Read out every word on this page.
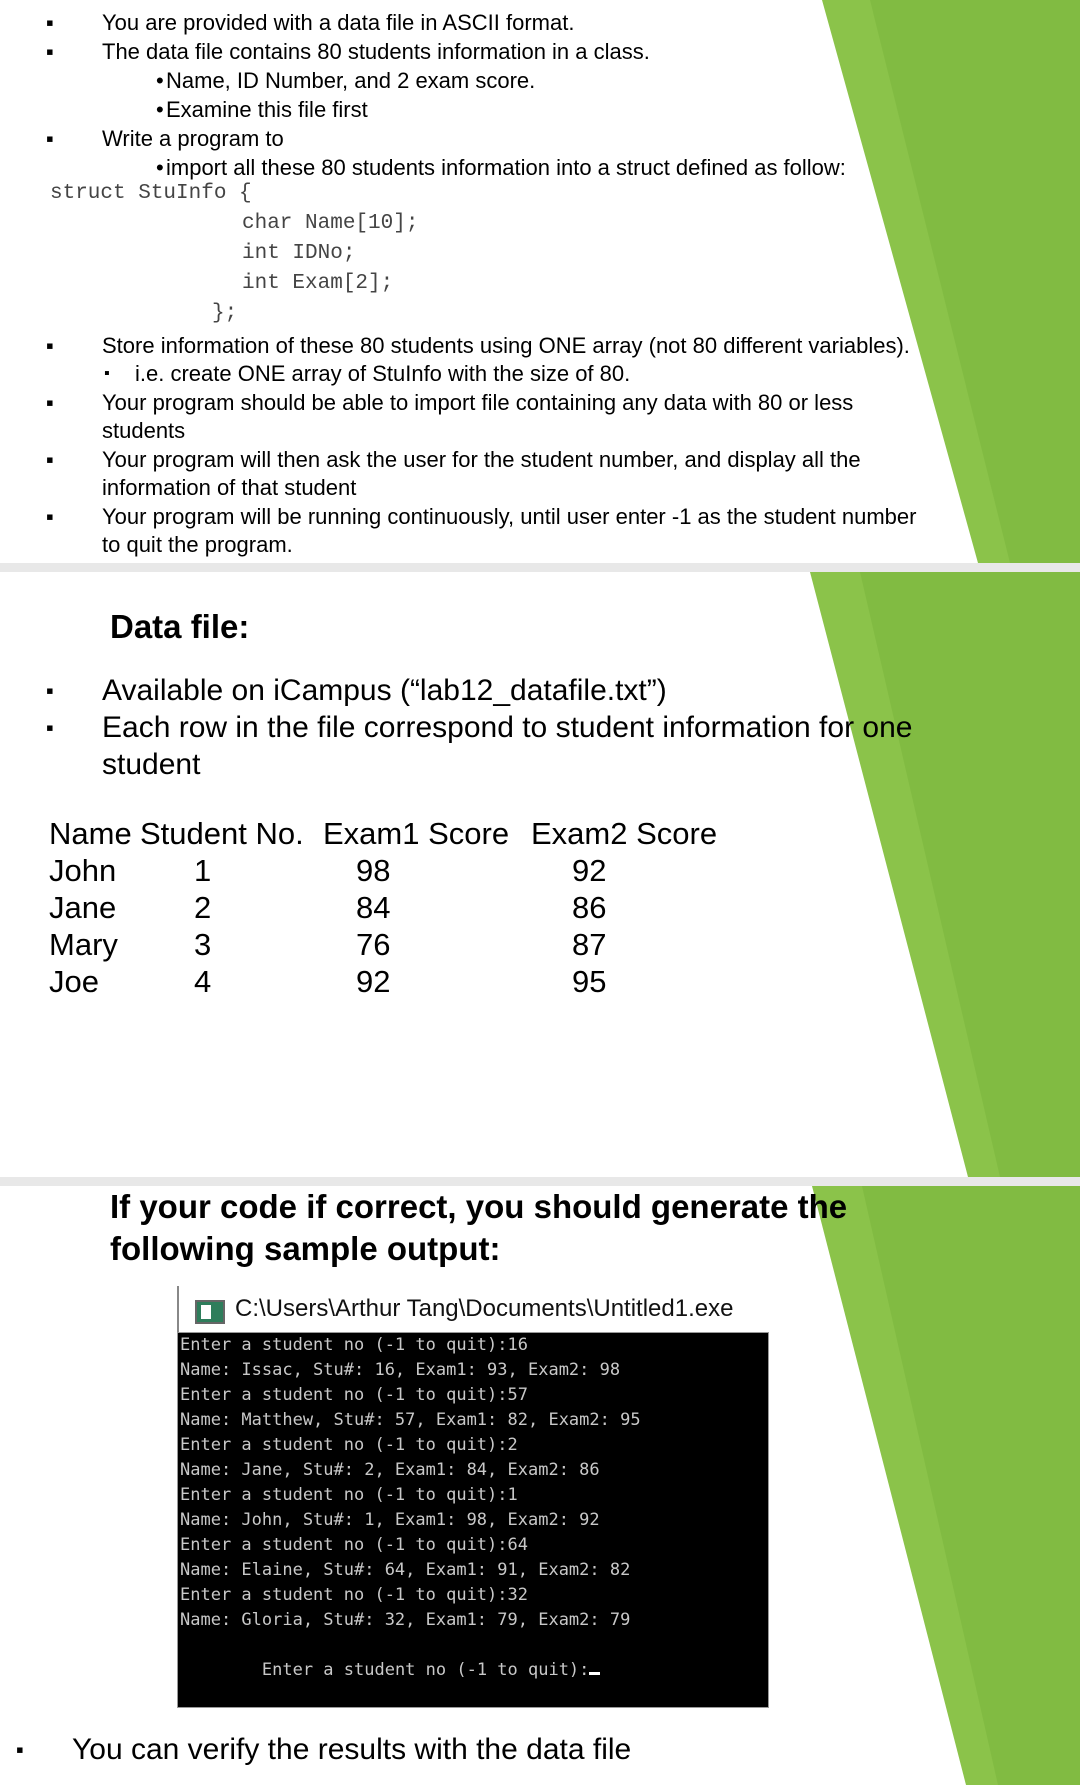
▪ You are provided with a data file in ASCII format.
▪ The data file contains 80 students information in a class.
• Name, ID Number, and 2 exam score.
• Examine this file first
▪ Write a program to
• import all these 80 students information into a struct defined as follow:
struct StuInfo {
char Name[10];
int IDNo;
int Exam[2];
};
▪ Store information of these 80 students using ONE array (not 80 different variables).
▪ i.e. create ONE array of StuInfo with the size of 80.
▪ Your program should be able to import file containing any data with 80 or less
students
▪ Your program will then ask the user for the student number, and display all the
information of that student
▪ Your program will be running continuously, until user enter -1 as the student number
to quit the program.
Data file:
▪ Available on iCampus (“lab12_datafile.txt”)
▪ Each row in the file correspond to student information for one
student
Name Student No. Exam1 Score Exam2 Score
John	1	98	92
Jane	2	84	86
Mary 3	76	87
Joe	4	92	95
If your code if correct, you should generate the
following sample output:
C:\Users\Arthur Tang\Documents\Untitled1.exe
Enter a student no (-1 to quit):16
Name: Issac, Stu#: 16, Exam1: 93, Exam2: 98
Enter a student no (-1 to quit):57
Name: Matthew, Stu#: 57, Exam1: 82, Exam2: 95
Enter a student no (-1 to quit):2
Name: Jane, Stu#: 2, Exam1: 84, Exam2: 86
Enter a student no (-1 to quit):1
Name: John, Stu#: 1, Exam1: 98, Exam2: 92
Enter a student no (-1 to quit):64
Name: Elaine, Stu#: 64, Exam1: 91, Exam2: 82
Enter a student no (-1 to quit):32
Name: Gloria, Stu#: 32, Exam1: 79, Exam2: 79

Enter a student no (-1 to quit):

▪ You can verify the results with the data file
